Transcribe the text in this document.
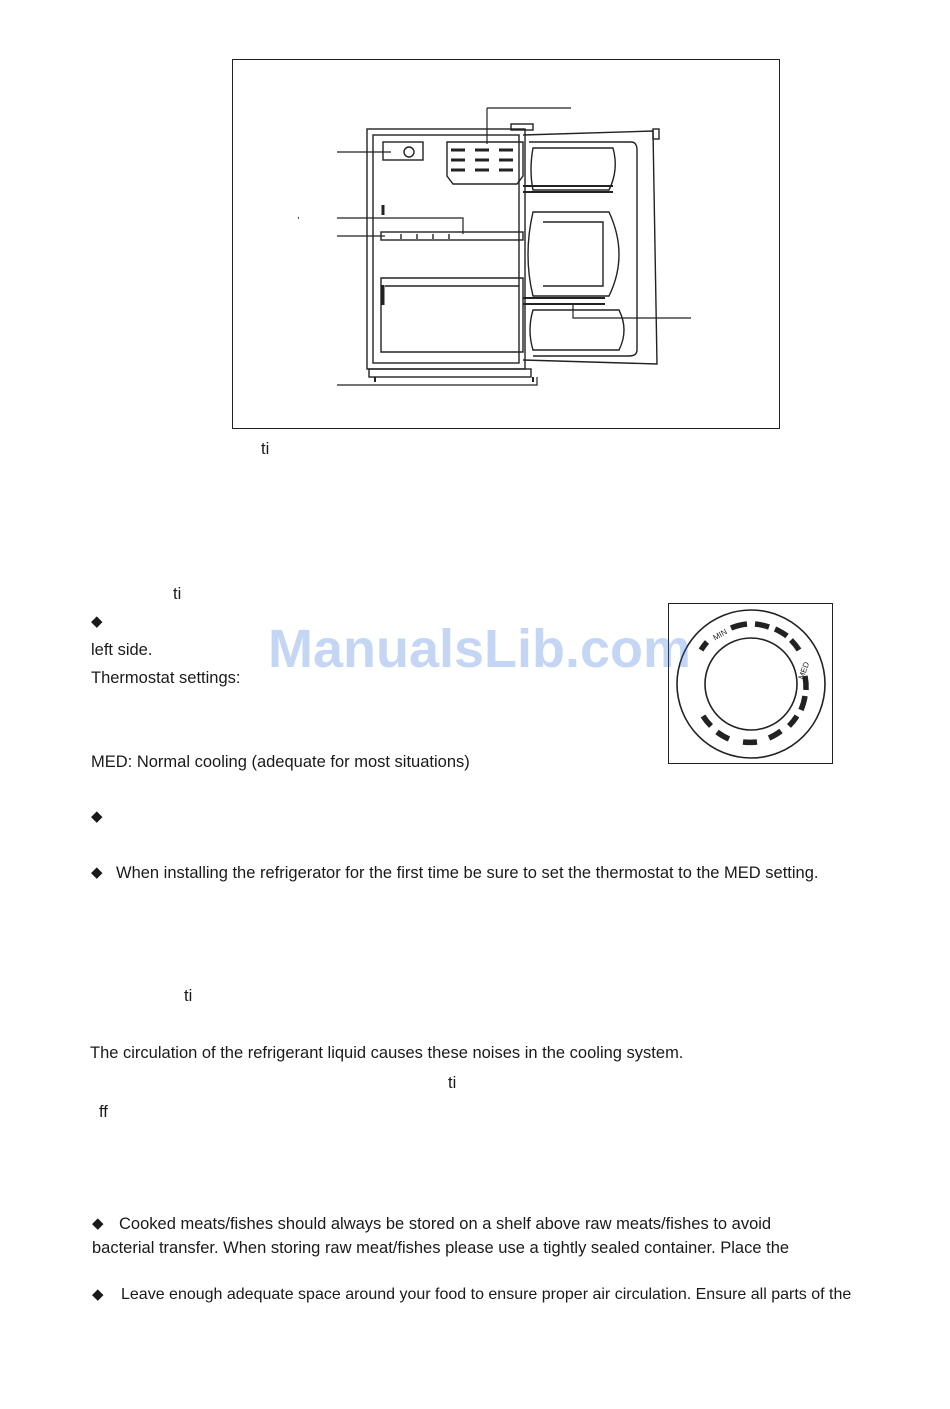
,
ti
ti
◆
left side.
Thermostat settings:
MED: Normal cooling (adequate for most situations)
◆
◆ When installing the refrigerator for the first time be sure to set the thermostat to the MED setting.
MIN
MED
ManualsLib.com
ti
The circulation of the refrigerant liquid causes these noises in the cooling system.
ti
ff
◆ Cooked meats/fishes should always be stored on a shelf above raw meats/fishes to avoid
bacterial transfer. When storing raw meat/fishes please use a tightly sealed container. Place the
◆ Leave enough adequate space around your food to ensure proper air circulation. Ensure all parts of the
